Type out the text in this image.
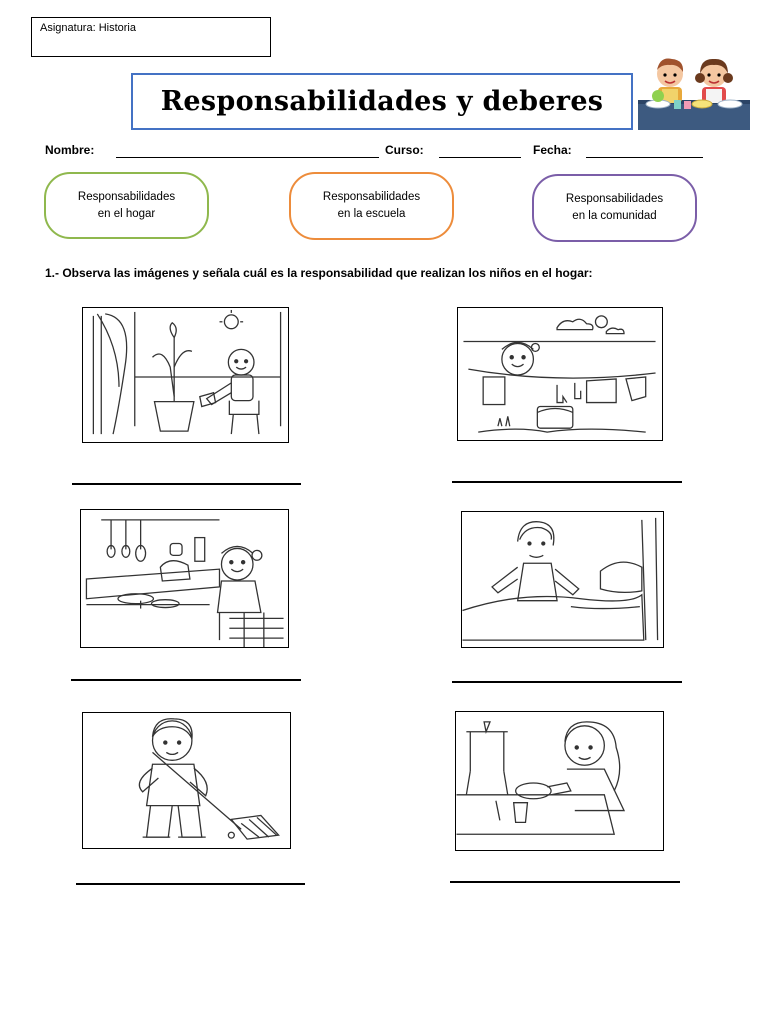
Asignatura: Historia
Responsabilidades y deberes
Nombre:	Curso:	Fecha:
Responsabilidades
en el hogar
Responsabilidades
en la escuela
Responsabilidades
en la comunidad
1.- Observa las imágenes y señala cuál es la responsabilidad que realizan los niños en el hogar:
